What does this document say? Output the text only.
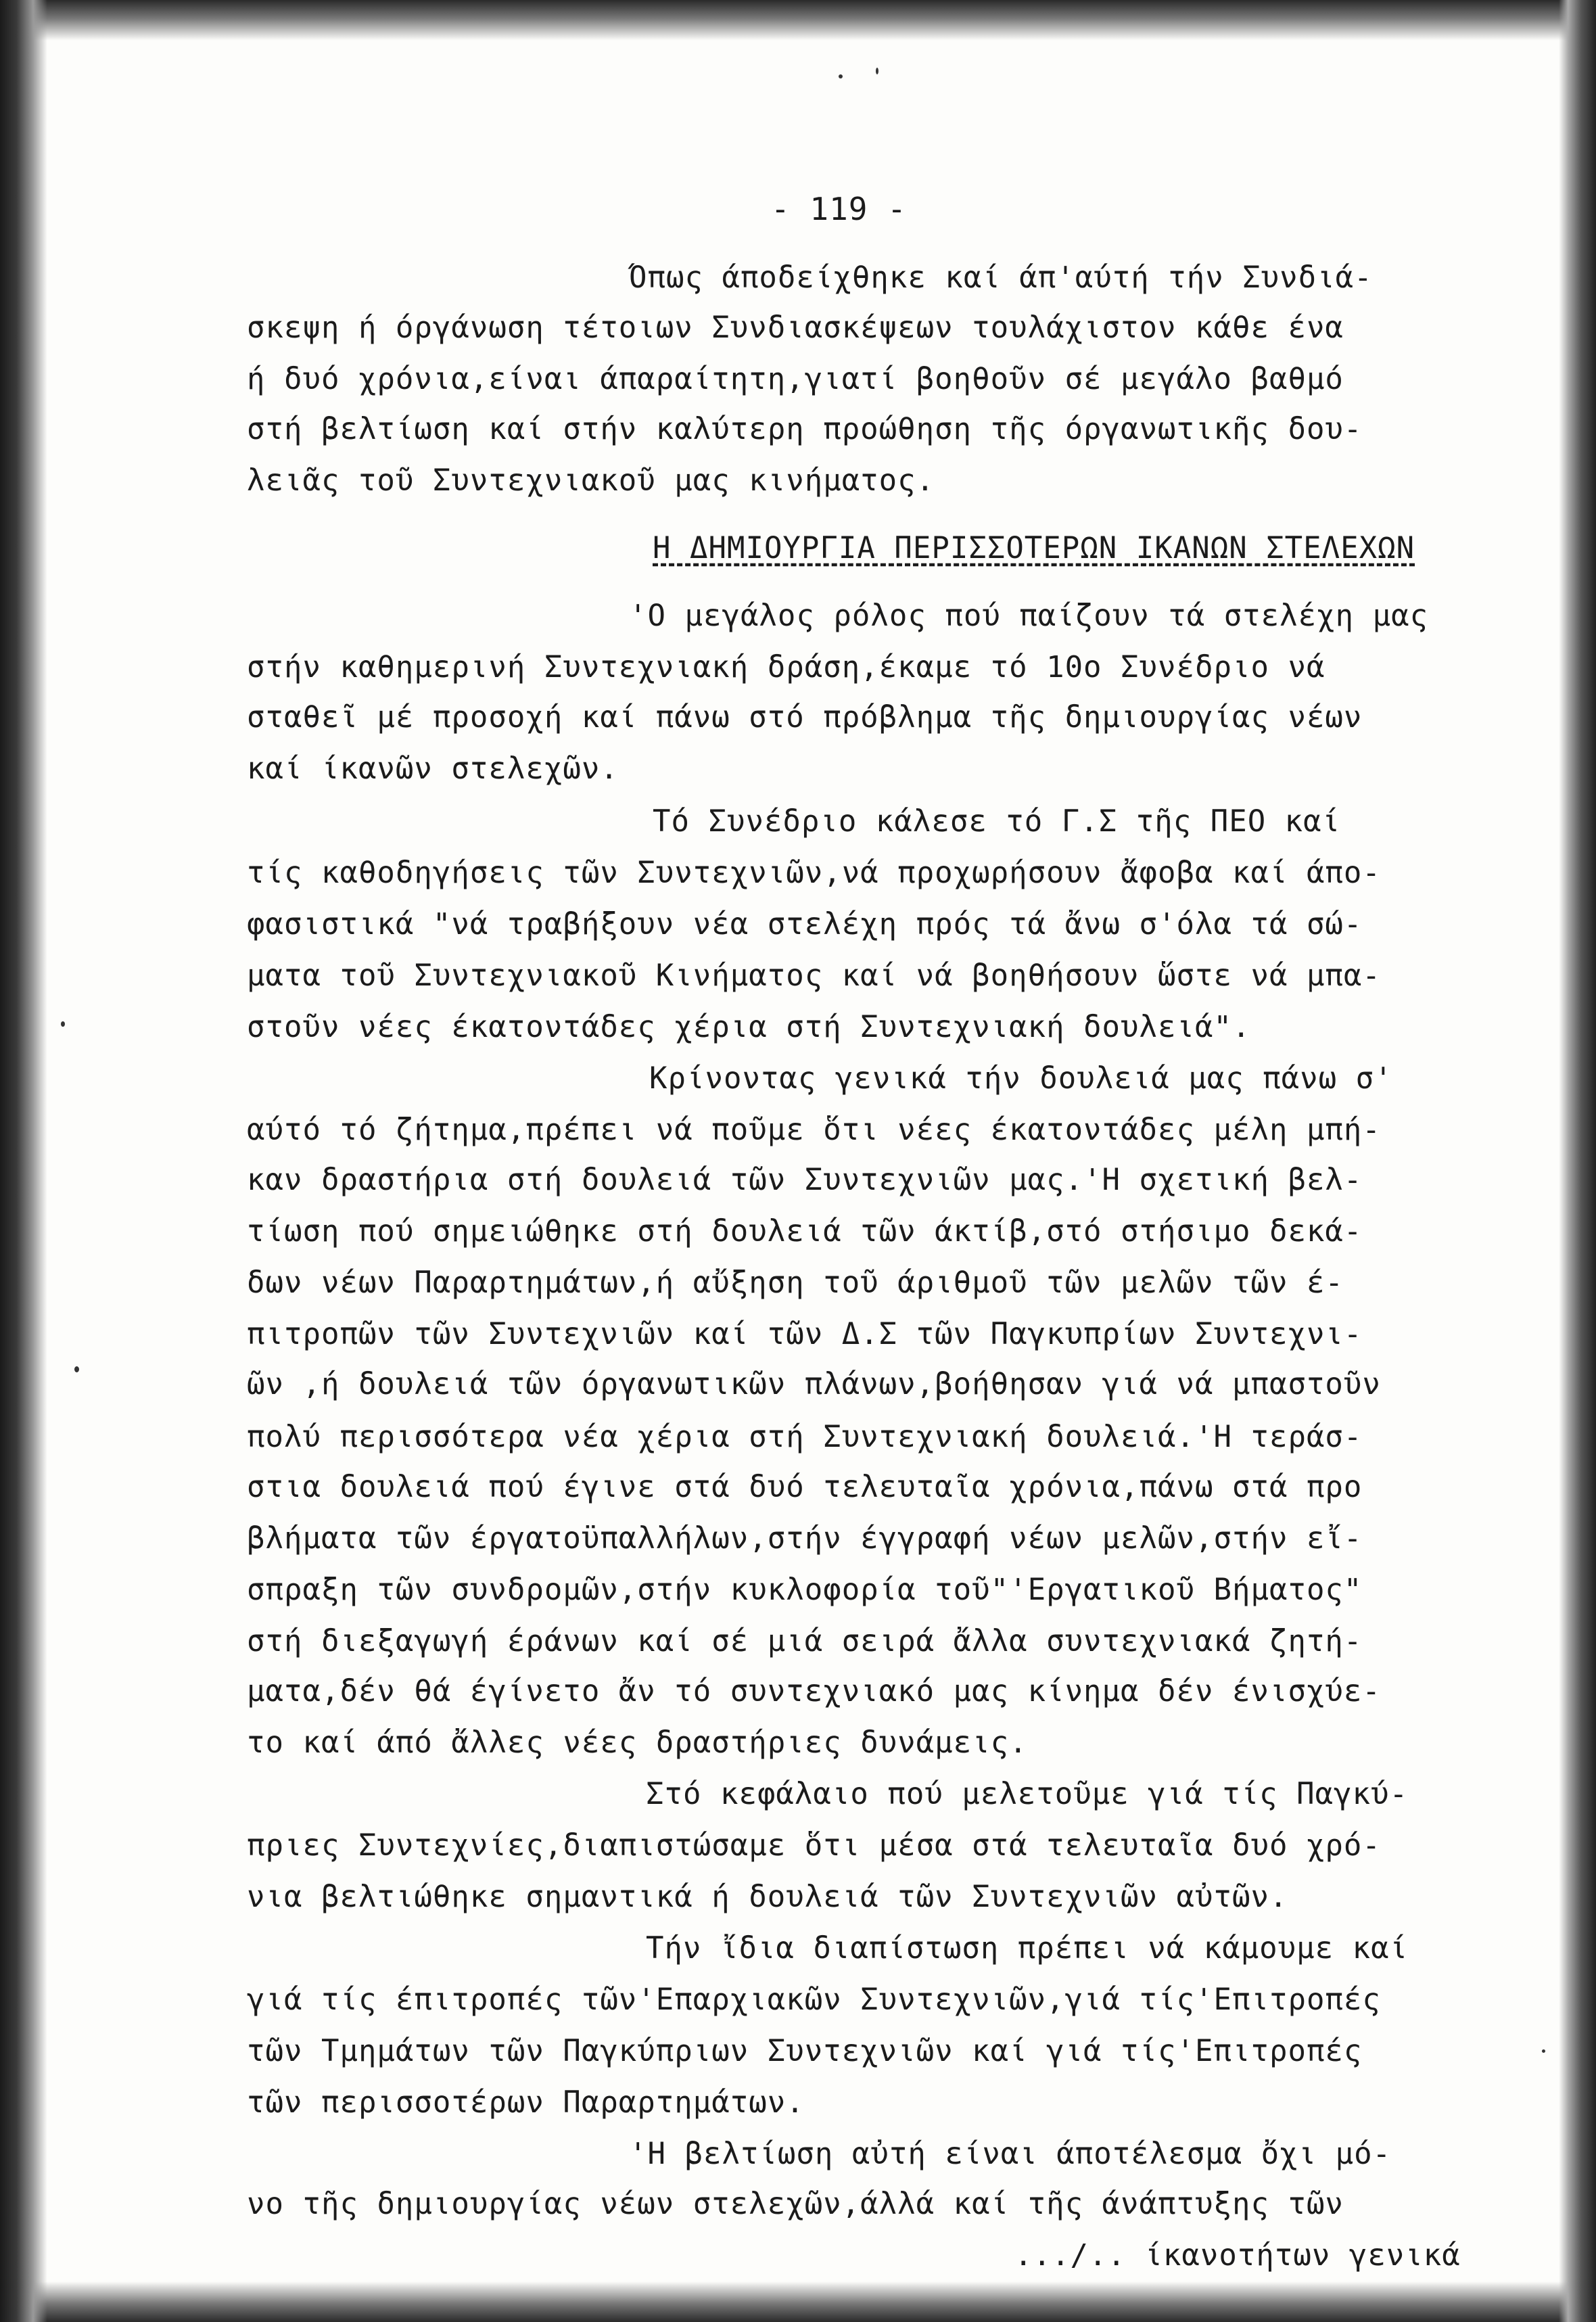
- 119 -
Όπως άποδείχθηκε καί άπ'αύτή τήν Συνδιά-
σκεψη ή όργάνωση τέτοιων Συνδιασκέψεων τουλάχιστον κάθε ένα
ή δυό χρόνια,είναι άπαραίτητη,γιατί βοηθοῦν σέ μεγάλο βαθμό
στή βελτίωση καί στήν καλύτερη προώθηση τῆς όργανωτικῆς δου-
λειᾶς τοῦ Συντεχνιακοῦ μας κινήματος.
Η ΔΗΜΙΟΥΡΓΙΑ ΠΕΡΙΣΣΟΤΕΡΩΝ ΙΚΑΝΩΝ ΣΤΕΛΕΧΩΝ
'Ο μεγάλος ρόλος πού παίζουν τά στελέχη μας
στήν καθημερινή Συντεχνιακή δράση,έκαμε τό 10ο Συνέδριο νά
σταθεῖ μέ προσοχή καί πάνω στό πρόβλημα τῆς δημιουργίας νέων
καί ίκανῶν στελεχῶν.
Τό Συνέδριο κάλεσε τό Γ.Σ τῆς ΠΕΟ καί
τίς καθοδηγήσεις τῶν Συντεχνιῶν,νά προχωρήσουν ἄφοβα καί άπο-
φασιστικά "νά τραβήξουν νέα στελέχη πρός τά ἄνω σ'όλα τά σώ-
ματα τοῦ Συντεχνιακοῦ Κινήματος καί νά βοηθήσουν ὥστε νά μπα-
στοῦν νέες έκατοντάδες χέρια στή Συντεχνιακή δουλειά".
Κρίνοντας γενικά τήν δουλειά μας πάνω σ'
αύτό τό ζήτημα,πρέπει νά ποῦμε ὅτι νέες έκατοντάδες μέλη μπή-
καν δραστήρια στή δουλειά τῶν Συντεχνιῶν μας.'Η σχετική βελ-
τίωση πού σημειώθηκε στή δουλειά τῶν άκτίβ,στό στήσιμο δεκά-
δων νέων Παραρτημάτων,ή αὔξηση τοῦ άριθμοῦ τῶν μελῶν τῶν έ-
πιτροπῶν τῶν Συντεχνιῶν καί τῶν Δ.Σ τῶν Παγκυπρίων Συντεχνι-
ῶν ,ή δουλειά τῶν όργανωτικῶν πλάνων,βοήθησαν γιά νά μπαστοῦν
πολύ περισσότερα νέα χέρια στή Συντεχνιακή δουλειά.'Η τεράσ-
στια δουλειά πού έγινε στά δυό τελευταῖα χρόνια,πάνω στά προ
βλήματα τῶν έργατοϋπαλλήλων,στήν έγγραφή νέων μελῶν,στήν εἴ-
σπραξη τῶν συνδρομῶν,στήν κυκλοφορία τοῦ"'Εργατικοῦ Βήματος"
στή διεξαγωγή έράνων καί σέ μιά σειρά ἄλλα συντεχνιακά ζητή-
ματα,δέν θά έγίνετο ἄν τό συντεχνιακό μας κίνημα δέν ένισχύε-
το καί άπό ἄλλες νέες δραστήριες δυνάμεις.
Στό κεφάλαιο πού μελετοῦμε γιά τίς Παγκύ-
πριες Συντεχνίες,διαπιστώσαμε ὅτι μέσα στά τελευταῖα δυό χρό-
νια βελτιώθηκε σημαντικά ή δουλειά τῶν Συντεχνιῶν αὐτῶν.
Τήν ἴδια διαπίστωση πρέπει νά κάμουμε καί
γιά τίς έπιτροπές τῶν'Επαρχιακῶν Συντεχνιῶν,γιά τίς'Επιτροπές
τῶν Τμημάτων τῶν Παγκύπριων Συντεχνιῶν καί γιά τίς'Επιτροπές
τῶν περισσοτέρων Παραρτημάτων.
'Η βελτίωση αὐτή είναι άποτέλεσμα ὄχι μό-
νο τῆς δημιουργίας νέων στελεχῶν,άλλά καί τῆς άνάπτυξης τῶν
.../.. ίκανοτήτων γενικά
